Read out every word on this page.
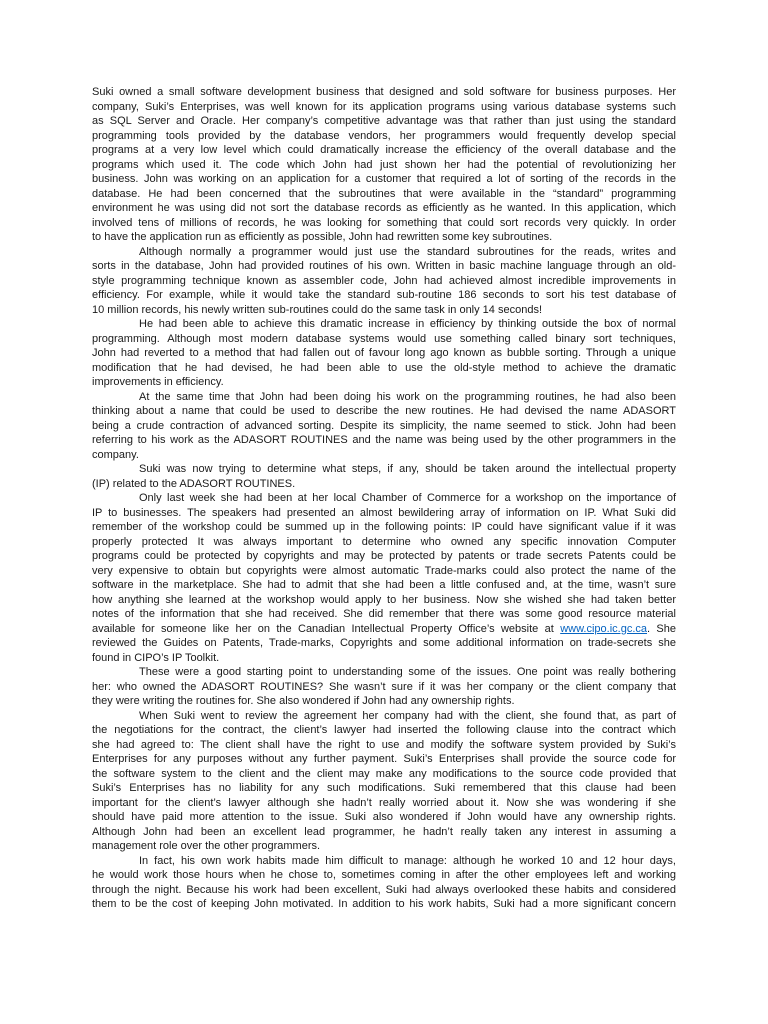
Suki owned a small software development business that designed and sold software for business purposes. Her
company, Suki’s Enterprises, was well known for its application programs using various database systems such
as SQL Server and Oracle. Her company’s competitive advantage was that rather than just using the standard
programming tools provided by the database vendors, her programmers would frequently develop special
programs at a very low level which could dramatically increase the efficiency of the overall database and the
programs which used it. The code which John had just shown her had the potential of revolutionizing her
business. John was working on an application for a customer that required a lot of sorting of the records in the
database. He had been concerned that the subroutines that were available in the “standard” programming
environment he was using did not sort the database records as efficiently as he wanted. In this application, which
involved tens of millions of records, he was looking for something that could sort records very quickly. In order
to have the application run as efficiently as possible, John had rewritten some key subroutines.
Although normally a programmer would just use the standard subroutines for the reads, writes and
sorts in the database, John had provided routines of his own. Written in basic machine language through an old-
style programming technique known as assembler code, John had achieved almost incredible improvements in
efficiency. For example, while it would take the standard sub-routine 186 seconds to sort his test database of
10 million records, his newly written sub-routines could do the same task in only 14 seconds!
He had been able to achieve this dramatic increase in efficiency by thinking outside the box of normal
programming. Although most modern database systems would use something called binary sort techniques,
John had reverted to a method that had fallen out of favour long ago known as bubble sorting. Through a unique
modification that he had devised, he had been able to use the old-style method to achieve the dramatic
improvements in efficiency.
At the same time that John had been doing his work on the programming routines, he had also been
thinking about a name that could be used to describe the new routines. He had devised the name ADASORT
being a crude contraction of advanced sorting. Despite its simplicity, the name seemed to stick. John had been
referring to his work as the ADASORT ROUTINES and the name was being used by the other programmers in the
company.
Suki was now trying to determine what steps, if any, should be taken around the intellectual property
(IP) related to the ADASORT ROUTINES.
Only last week she had been at her local Chamber of Commerce for a workshop on the importance of
IP to businesses. The speakers had presented an almost bewildering array of information on IP. What Suki did
remember of the workshop could be summed up in the following points: IP could have significant value if it was
properly protected It was always important to determine who owned any specific innovation Computer
programs could be protected by copyrights and may be protected by patents or trade secrets Patents could be
very expensive to obtain but copyrights were almost automatic Trade-marks could also protect the name of the
software in the marketplace. She had to admit that she had been a little confused and, at the time, wasn’t sure
how anything she learned at the workshop would apply to her business. Now she wished she had taken better
notes of the information that she had received. She did remember that there was some good resource material
available for someone like her on the Canadian Intellectual Property Office’s website at www.cipo.ic.gc.ca. She
reviewed the Guides on Patents, Trade-marks, Copyrights and some additional information on trade-secrets she
found in CIPO’s IP Toolkit.
These were a good starting point to understanding some of the issues. One point was really bothering
her: who owned the ADASORT ROUTINES? She wasn’t sure if it was her company or the client company that
they were writing the routines for. She also wondered if John had any ownership rights.
When Suki went to review the agreement her company had with the client, she found that, as part of
the negotiations for the contract, the client’s lawyer had inserted the following clause into the contract which
she had agreed to: The client shall have the right to use and modify the software system provided by Suki’s
Enterprises for any purposes without any further payment. Suki’s Enterprises shall provide the source code for
the software system to the client and the client may make any modifications to the source code provided that
Suki’s Enterprises has no liability for any such modifications. Suki remembered that this clause had been
important for the client’s lawyer although she hadn’t really worried about it. Now she was wondering if she
should have paid more attention to the issue. Suki also wondered if John would have any ownership rights.
Although John had been an excellent lead programmer, he hadn’t really taken any interest in assuming a
management role over the other programmers.
In fact, his own work habits made him difficult to manage: although he worked 10 and 12 hour days,
he would work those hours when he chose to, sometimes coming in after the other employees left and working
through the night. Because his work had been excellent, Suki had always overlooked these habits and considered
them to be the cost of keeping John motivated. In addition to his work habits, Suki had a more significant concern
